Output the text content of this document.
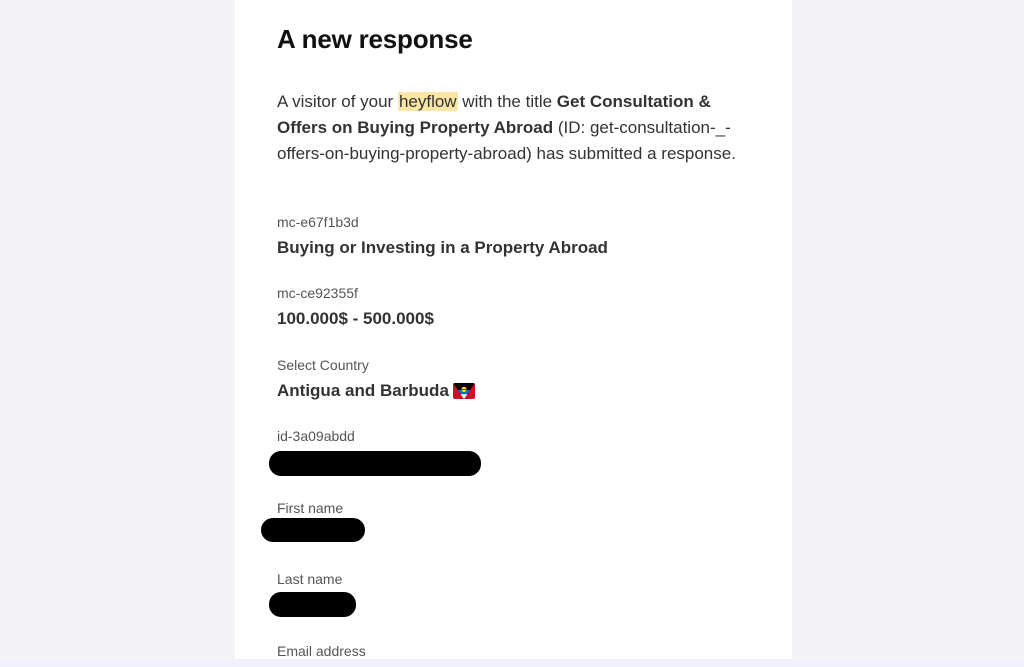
A new response

A visitor of your heyflow with the title Get Consultation & Offers on Buying Property Abroad (ID: get-consultation-_-offers-on-buying-property-abroad) has submitted a response.

mc-e67f1b3d
Buying or Investing in a Property Abroad
mc-ce92355f
100.000$ - 500.000$
Select Country
Antigua and Barbuda
id-3a09abdd
First name
Last name
Email address
